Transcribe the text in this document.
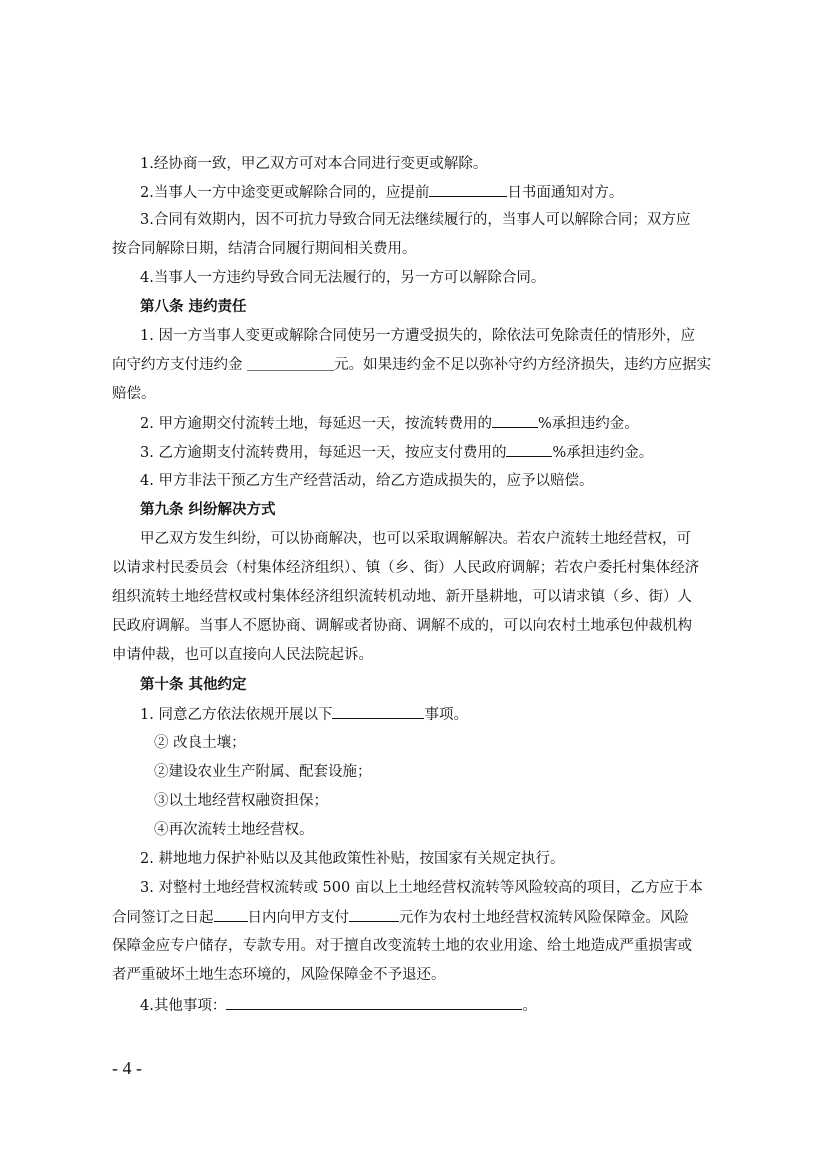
1.经协商一致，甲乙双方可对本合同进行变更或解除。
2.当事人一方中途变更或解除合同的，应提前	日书面通知对方。
3.合同有效期内，因不可抗力导致合同无法继续履行的，当事人可以解除合同；双方应
按合同解除日期，结清合同履行期间相关费用。
4.当事人一方违约导致合同无法履行的，另一方可以解除合同。
第八条 违约责任
1. 因一方当事人变更或解除合同使另一方遭受损失的，除依法可免除责任的情形外，应
向守约方支付违约金 ＿＿＿＿＿＿元。如果违约金不足以弥补守约方经济损失，违约方应据实
赔偿。
2. 甲方逾期交付流转土地，每延迟一天，按流转费用的	%承担违约金。
3. 乙方逾期支付流转费用，每延迟一天，按应支付费用的	%承担违约金。
4. 甲方非法干预乙方生产经营活动，给乙方造成损失的，应予以赔偿。
第九条 纠纷解决方式
甲乙双方发生纠纷，可以协商解决，也可以采取调解解决。若农户流转土地经营权，可
以请求村民委员会（村集体经济组织）、镇（乡、街）人民政府调解；若农户委托村集体经济
组织流转土地经营权或村集体经济组织流转机动地、新开垦耕地，可以请求镇（乡、街）人
民政府调解。当事人不愿协商、调解或者协商、调解不成的，可以向农村土地承包仲裁机构
申请仲裁，也可以直接向人民法院起诉。
第十条 其他约定
1. 同意乙方依法依规开展以下	事项。
② 改良土壤；
②建设农业生产附属、配套设施；
③以土地经营权融资担保；
④再次流转土地经营权。
2. 耕地地力保护补贴以及其他政策性补贴，按国家有关规定执行。
3. 对整村土地经营权流转或 500 亩以上土地经营权流转等风险较高的项目，乙方应于本
合同签订之日起 日内向甲方支付	元作为农村土地经营权流转风险保障金。风险
保障金应专户储存，专款专用。对于擅自改变流转土地的农业用途、给土地造成严重损害或
者严重破坏土地生态环境的，风险保障金不予退还。
4.其他事项：	。
- 4 -
